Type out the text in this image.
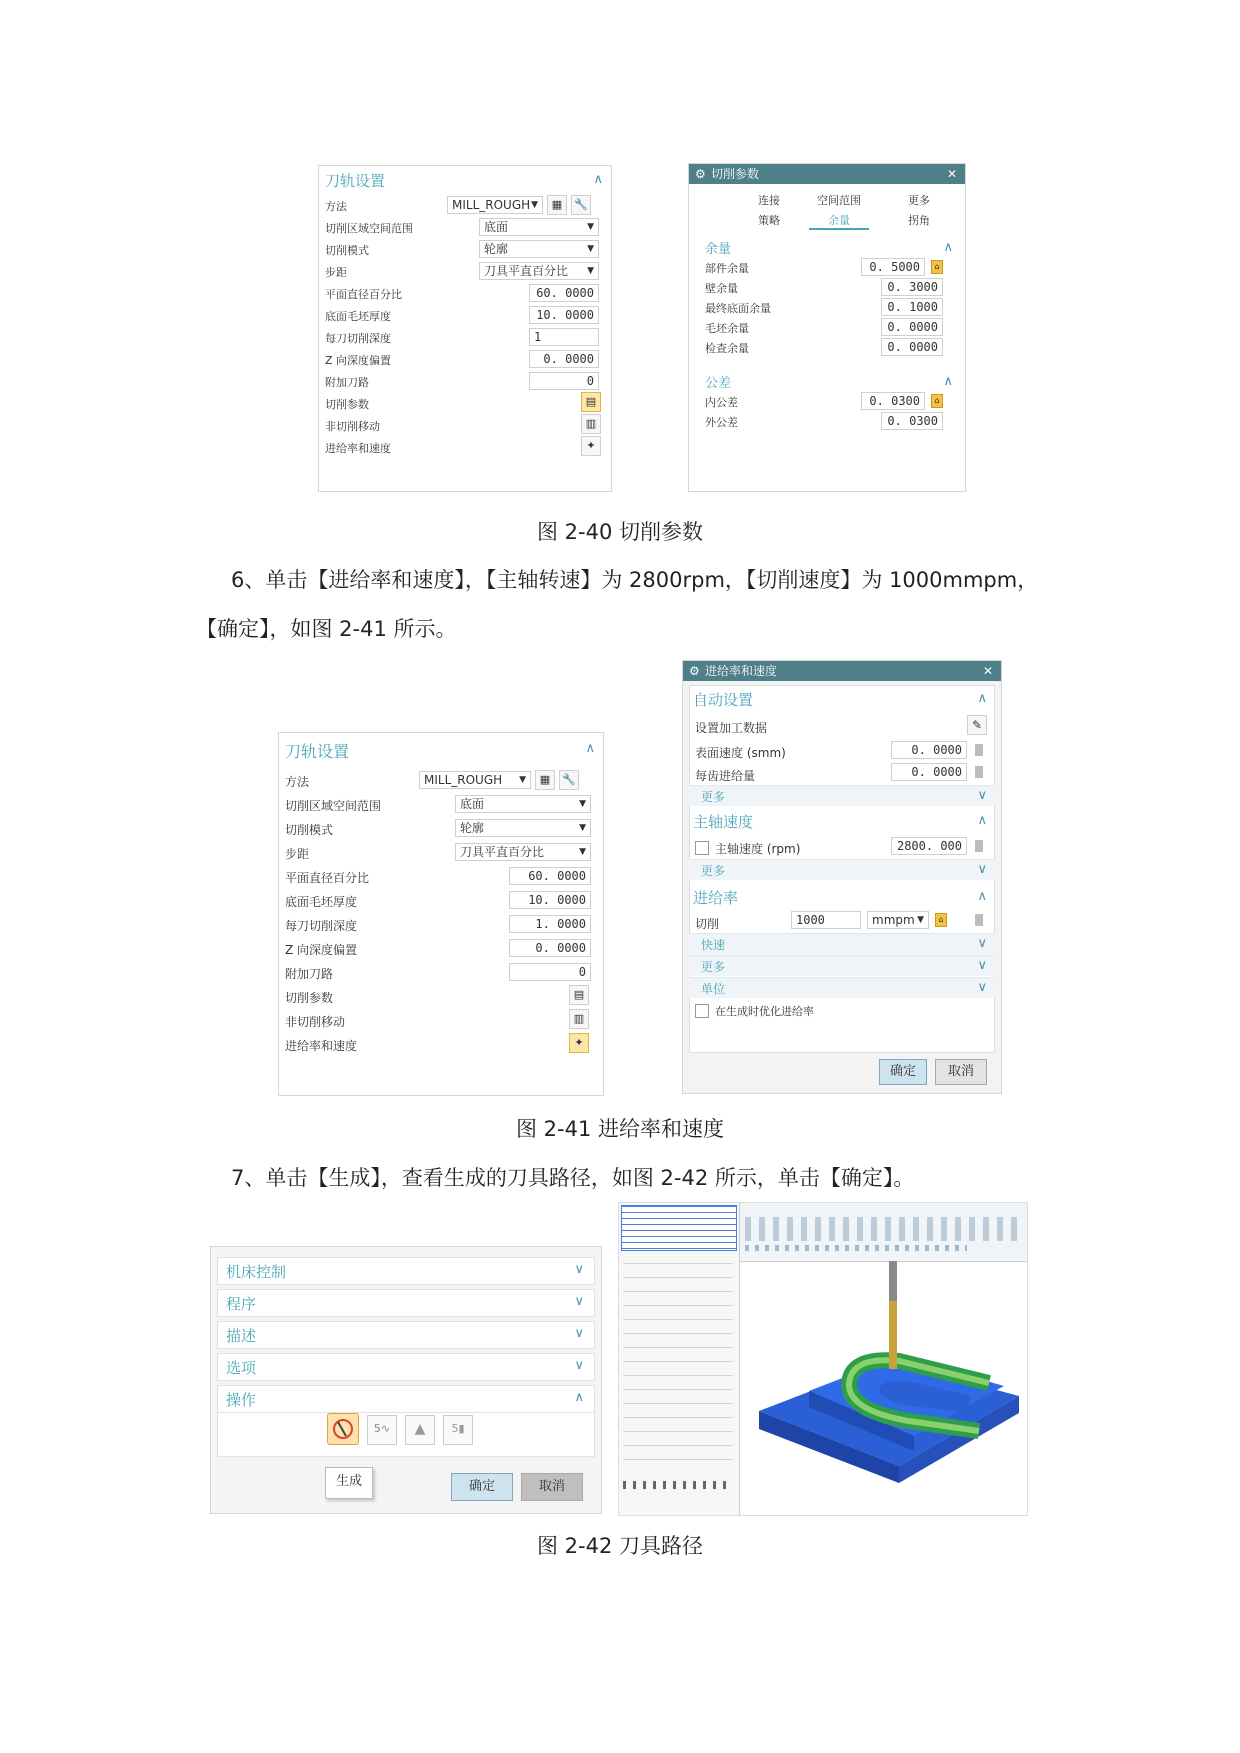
刀轨设置	∧
方法	MILL_ROUGH ▼	▦	🔧
切削区域空间范围	底面	▼
切削模式	轮廓	▼
步距	刀具平直百分比 ▼
平面直径百分比	60. 0000
底面毛坯厚度	10. 0000
每刀切削深度	1
Z 向深度偏置	0. 0000
附加刀路	0
切削参数	▤
非切削移动	▥
进给率和速度	✦
⚙ 切削参数	✕
余量	∧
公差	∧
连接	空间范围	更多
策略	余量	拐角
部件余量	0. 5000	⌂
壁余量	0. 3000
最终底面余量	0. 1000
毛坯余量	0. 0000
检查余量	0. 0000
内公差	0. 0300	⌂
外公差	0. 0300
图 2-40 切削参数
6、单击【进给率和速度】，【主轴转速】为 2800rpm，【切削速度】为 1000mmpm，
【确定】，如图 2-41 所示。
刀轨设置	∧
方法	MILL_ROUGH ▼	▦	🔧
切削区域空间范围	底面	▼
切削模式	轮廓	▼
步距	刀具平直百分比	▼
平面直径百分比	60. 0000
底面毛坯厚度	10. 0000
每刀切削深度	1. 0000
Z 向深度偏置	0. 0000
附加刀路	0
切削参数	▤
非切削移动	▥
进给率和速度	✦
⚙ 进给率和速度	✕
自动设置	∧
设置加工数据	✎
表面速度 (smm)	0. 0000
每齿进给量	0. 0000
更多	∨
主轴速度	∧
主轴速度 (rpm)	2800. 000
更多	∨
进给率	∧
切削	1000	mmpm ▼	⌂
快速	∨
更多	∨
单位	∨
在生成时优化进给率
确定	取消
图 2-41 进给率和速度
7、单击【生成】，查看生成的刀具路径，如图 2-42 所示，单击【确定】。
5∿	▲	5▮
生成	确定	取消
机床控制	∨
程序	∨
描述	∨
选项	∨
操作	∧
图 2-42 刀具路径
